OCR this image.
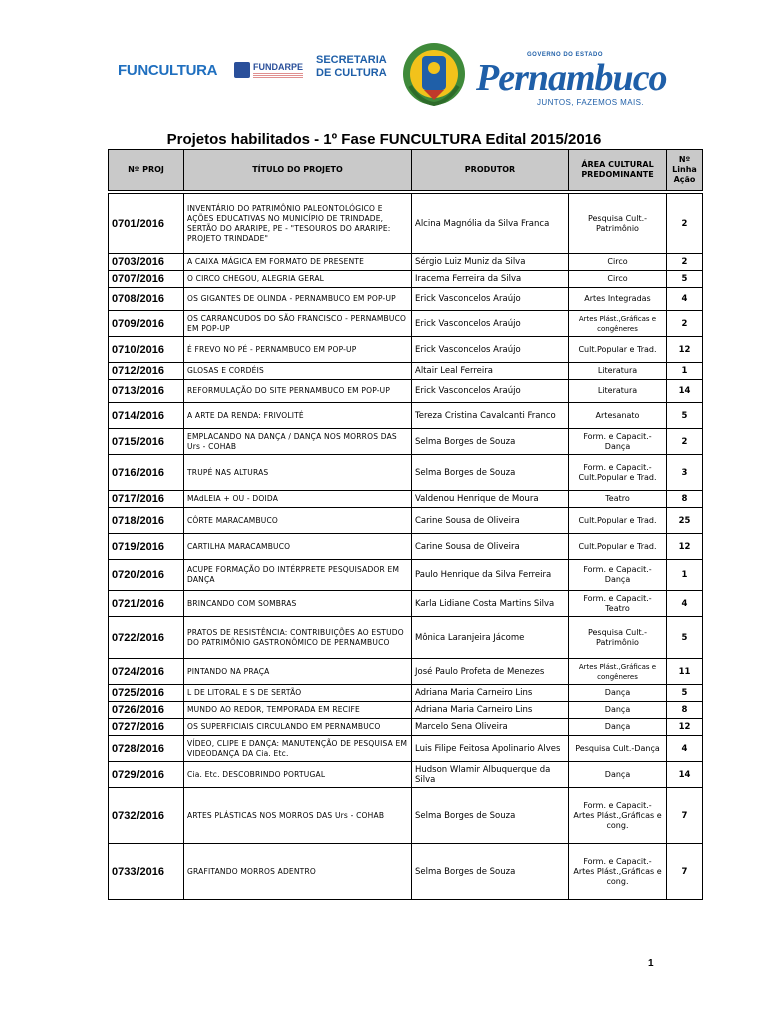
FUNCULTURA	FUNDARPE
SECRETARIA
DE CULTURA
GOVERNO DO ESTADO
Pernambuco
JUNTOS, FAZEMOS MAIS.
Projetos habilitados - 1º Fase FUNCULTURA Edital 2015/2016
Nº PROJ	TÍTULO DO PROJETO	PRODUTOR	ÁREA CULTURAL PREDOMINANTE	Nº Linha Ação
0701/2016	INVENTÁRIO DO PATRIMÔNIO PALEONTOLÓGICO E AÇÕES EDUCATIVAS NO MUNICÍPIO DE TRINDADE, SERTÃO DO ARARIPE, PE - "TESOUROS DO ARARIPE: PROJETO TRINDADE"	Alcina Magnólia da Silva Franca	Pesquisa Cult.- Patrimônio	2
0703/2016	A CAIXA MÁGICA EM FORMATO DE PRESENTE	Sérgio Luiz Muniz da Silva	Circo	2
0707/2016	O CIRCO CHEGOU, ALEGRIA GERAL	Iracema Ferreira da Silva	Circo	5
0708/2016	OS GIGANTES DE OLINDA - PERNAMBUCO EM POP-UP	Erick Vasconcelos Araújo	Artes Integradas	4
0709/2016	OS CARRANCUDOS DO SÃO FRANCISCO - PERNAMBUCO EM POP-UP	Erick Vasconcelos Araújo	Artes Plást.,Gráficas e congêneres	2
0710/2016	É FREVO NO PÉ - PERNAMBUCO EM POP-UP	Erick Vasconcelos Araújo	Cult.Popular e Trad.	12
0712/2016	GLOSAS E CORDÉIS	Altair Leal Ferreira	Literatura	1
0713/2016	REFORMULAÇÃO DO SITE PERNAMBUCO EM POP-UP	Erick Vasconcelos Araújo	Literatura	14
0714/2016	A ARTE DA RENDA: FRIVOLITÉ	Tereza Cristina Cavalcanti Franco	Artesanato	5
0715/2016	EMPLACANDO NA DANÇA / DANÇA NOS MORROS DAS Urs - COHAB	Selma Borges de Souza	Form. e Capacit.- Dança	2
0716/2016	TRUPÉ NAS ALTURAS	Selma Borges de Souza	Form. e Capacit.- Cult.Popular e Trad.	3
0717/2016	MAdLEIA + OU - DOIDA	Valdenou Henrique de Moura	Teatro	8
0718/2016	CÔRTE MARACAMBUCO	Carine Sousa de Oliveira	Cult.Popular e Trad.	25
0719/2016	CARTILHA MARACAMBUCO	Carine Sousa de Oliveira	Cult.Popular e Trad.	12
0720/2016	ACUPE FORMAÇÃO DO INTÉRPRETE PESQUISADOR EM DANÇA	Paulo Henrique da Silva Ferreira	Form. e Capacit.- Dança	1
0721/2016	BRINCANDO COM SOMBRAS	Karla Lidiane Costa Martins Silva	Form. e Capacit.- Teatro	4
0722/2016	PRATOS DE RESISTÊNCIA: CONTRIBUIÇÕES AO ESTUDO DO PATRIMÔNIO GASTRONÔMICO DE PERNAMBUCO	Mônica Laranjeira Jácome	Pesquisa Cult.- Patrimônio	5
0724/2016	PINTANDO NA PRAÇA	José Paulo Profeta de Menezes	Artes Plást.,Gráficas e congêneres	11
0725/2016	L DE LITORAL E S DE SERTÃO	Adriana Maria Carneiro Lins	Dança	5
0726/2016	MUNDO AO REDOR, TEMPORADA EM RECIFE	Adriana Maria Carneiro Lins	Dança	8
0727/2016	OS SUPERFICIAIS CIRCULANDO EM PERNAMBUCO	Marcelo Sena Oliveira	Dança	12
0728/2016	VÍDEO, CLIPE E DANÇA: MANUTENÇÃO DE PESQUISA EM VIDEODANÇA DA Cia. Etc.	Luis Filipe Feitosa Apolinario Alves	Pesquisa Cult.-Dança	4
0729/2016	Cia. Etc. DESCOBRINDO PORTUGAL	Hudson Wlamir Albuquerque da Silva	Dança	14
0732/2016	ARTES PLÁSTICAS NOS MORROS DAS Urs - COHAB	Selma Borges de Souza	Form. e Capacit.- Artes Plást.,Gráficas e cong.	7
0733/2016	GRAFITANDO MORROS ADENTRO	Selma Borges de Souza	Form. e Capacit.- Artes Plást.,Gráficas e cong.	7
1
